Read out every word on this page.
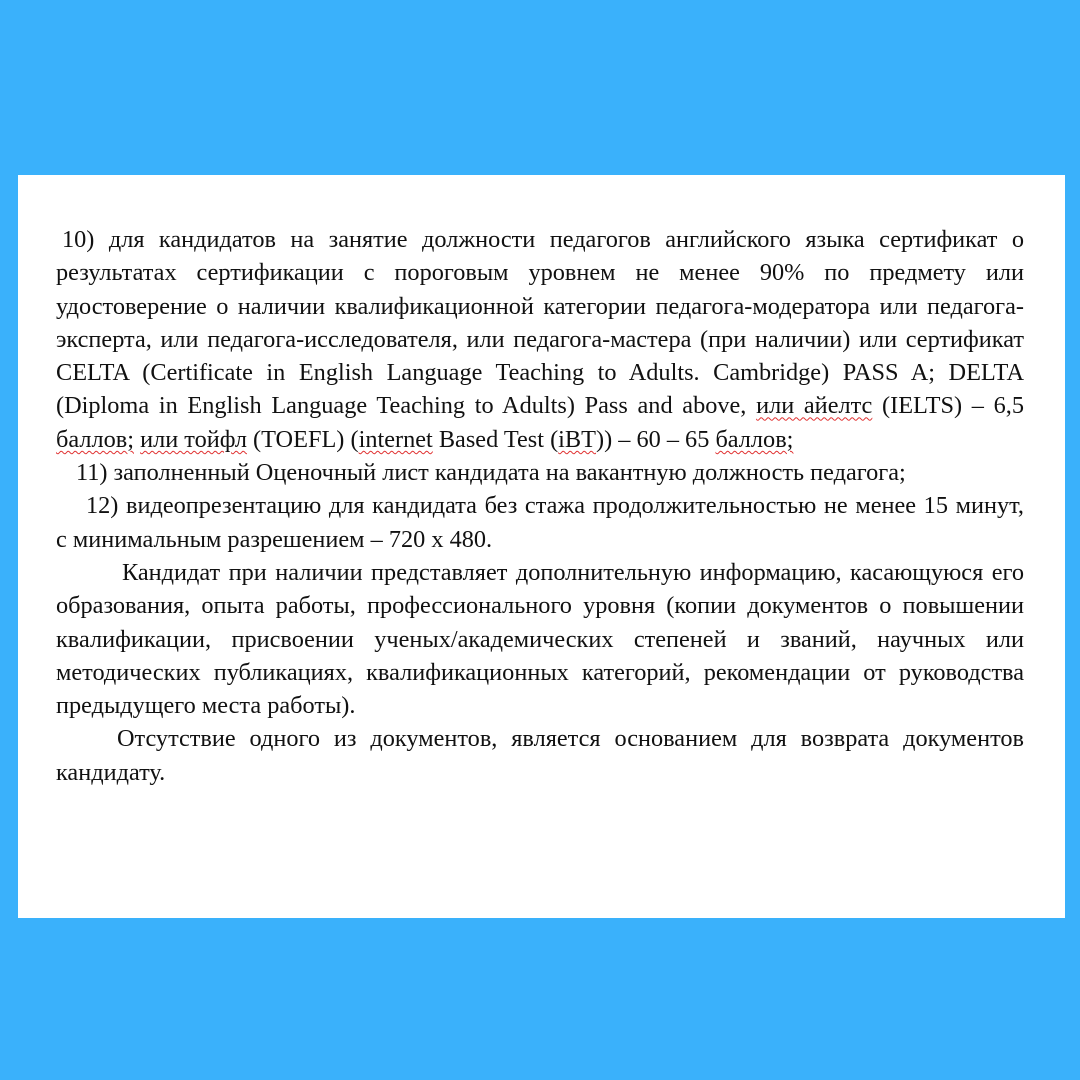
10) для кандидатов на занятие должности педагогов английского языка сертификат о результатах сертификации с пороговым уровнем не менее 90% по предмету или удостоверение о наличии квалификационной категории педагога-модератора или педагога-эксперта, или педагога-исследователя, или педагога-мастера (при наличии) или сертификат CELTA (Certificate in English Language Teaching to Adults. Cambridge) PASS A; DELTA (Diploma in English Language Teaching to Adults) Pass and above, или айелтс (IELTS) – 6,5 баллов; или тойфл (TOEFL) (internet Based Test (iBT)) – 60 – 65 баллов;

11) заполненный Оценочный лист кандидата на вакантную должность педагога;

12) видеопрезентацию для кандидата без стажа продолжительностью не менее 15 минут, с минимальным разрешением – 720 х 480.

Кандидат при наличии представляет дополнительную информацию, касающуюся его образования, опыта работы, профессионального уровня (копии документов о повышении квалификации, присвоении ученых/академических степеней и званий, научных или методических публикациях, квалификационных категорий, рекомендации от руководства предыдущего места работы).

Отсутствие одного из документов, является основанием для возврата документов кандидату.
